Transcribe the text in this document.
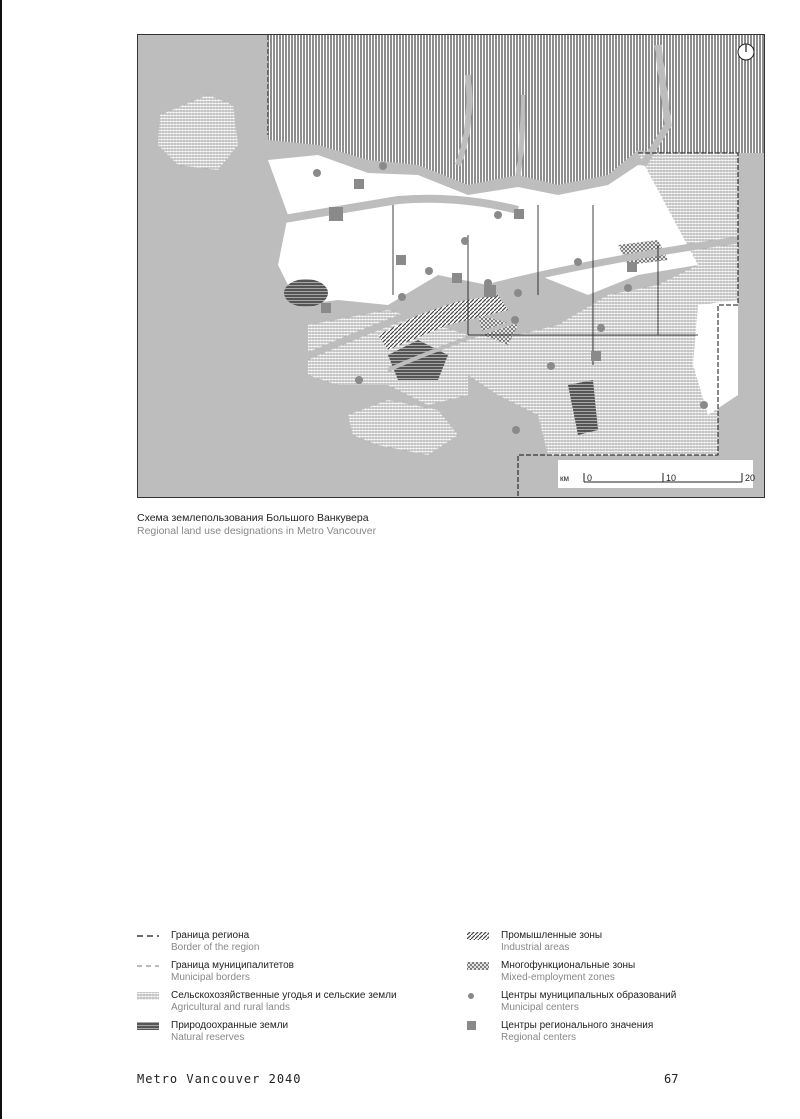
км 0	10	20
Схема землепользования Большого Ванкувера
Regional land use designations in Metro Vancouver
Граница региона
Border of the region
Граница муниципалитетов
Municipal borders
Сельскохозяйственные угодья и сельские земли
Agricultural and rural lands
Природоохранные земли
Natural reserves
Промышленные зоны
Industrial areas
Многофункциональные зоны
Mixed-employment zones
Центры муниципальных образований
Municipal centers
Центры регионального значения
Regional centers
Metro Vancouver 2040	67
